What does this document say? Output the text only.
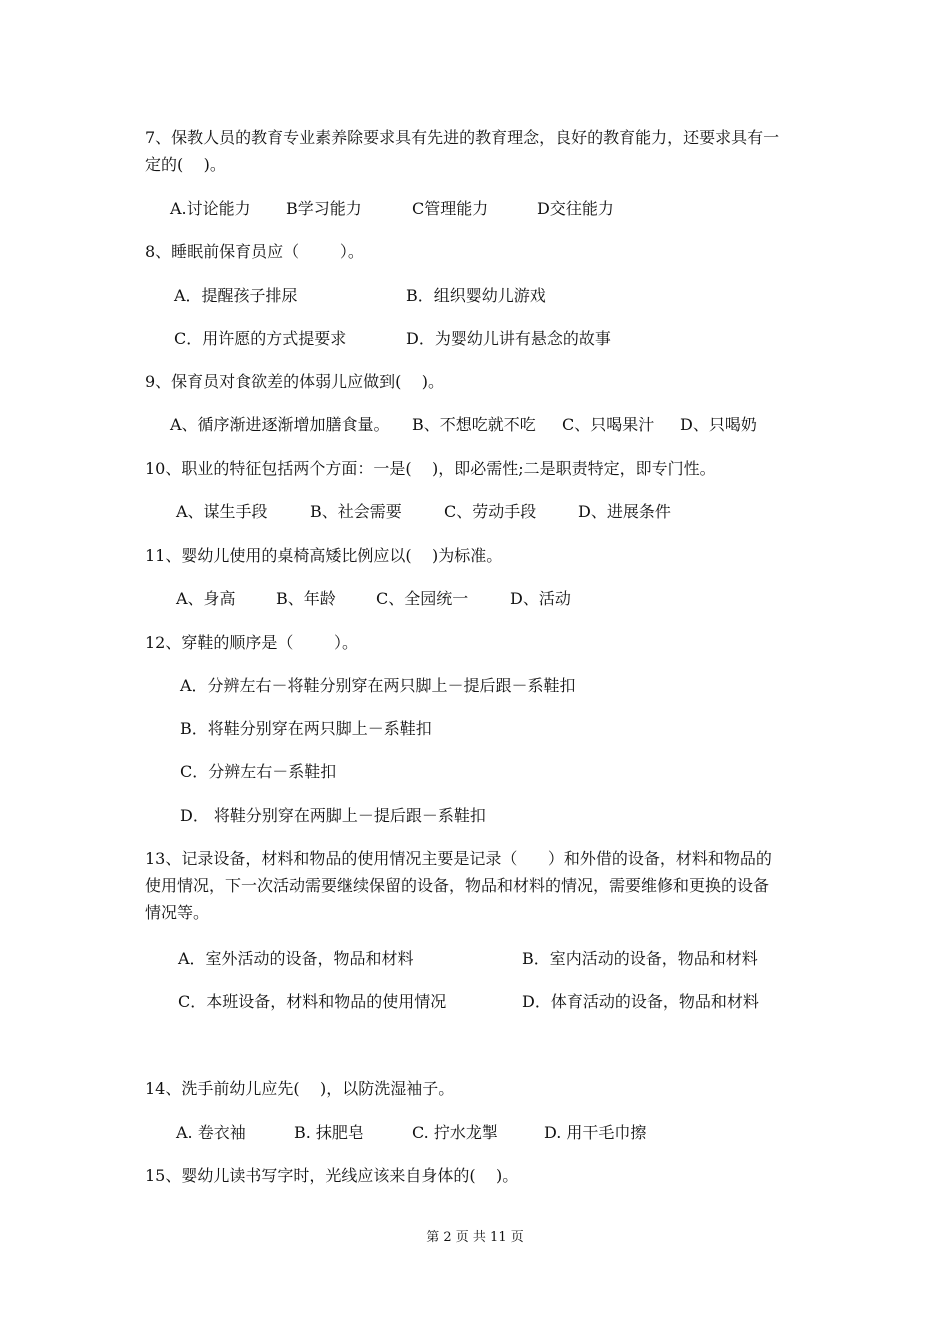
7、保教人员的教育专业素养除要求具有先进的教育理念，良好的教育能力，还要求具有一
定的(    )。
A.讨论能力 B学习能力	C管理能力	D交往能力
8、睡眠前保育员应（        ）。
A．提醒孩子排尿	B．组织婴幼儿游戏
C．用许愿的方式提要求	D．为婴幼儿讲有悬念的故事
9、保育员对食欲差的体弱儿应做到(    )。
A、循序渐进逐渐增加膳食量。 B、不想吃就不吃 C、只喝果汁 D、只喝奶
10、职业的特征包括两个方面：一是(    )，即必需性;二是职责特定，即专门性。
A、谋生手段	B、社会需要	C、劳动手段	D、进展条件
11、婴幼儿使用的桌椅高矮比例应以(    )为标准。
A、身高	B、年龄	C、全园统一	D、活动
12、穿鞋的顺序是（        ）。
A．分辨左右－将鞋分别穿在两只脚上－提后跟－系鞋扣
B．将鞋分别穿在两只脚上－系鞋扣
C．分辨左右－系鞋扣
D． 将鞋分别穿在两脚上－提后跟－系鞋扣
13、记录设备，材料和物品的使用情况主要是记录（      ）和外借的设备，材料和物品的
使用情况，下一次活动需要继续保留的设备，物品和材料的情况，需要维修和更换的设备
情况等。
A．室外活动的设备，物品和材料	B．室内活动的设备，物品和材料
C．本班设备，材料和物品的使用情况	D．体育活动的设备，物品和材料
14、洗手前幼儿应先(    )，以防洗湿袖子。
A. 卷衣袖	B. 抹肥皂	C. 拧水龙掣	D. 用干毛巾擦
15、婴幼儿读书写字时，光线应该来自身体的(    )。
第 2 页 共 11 页
